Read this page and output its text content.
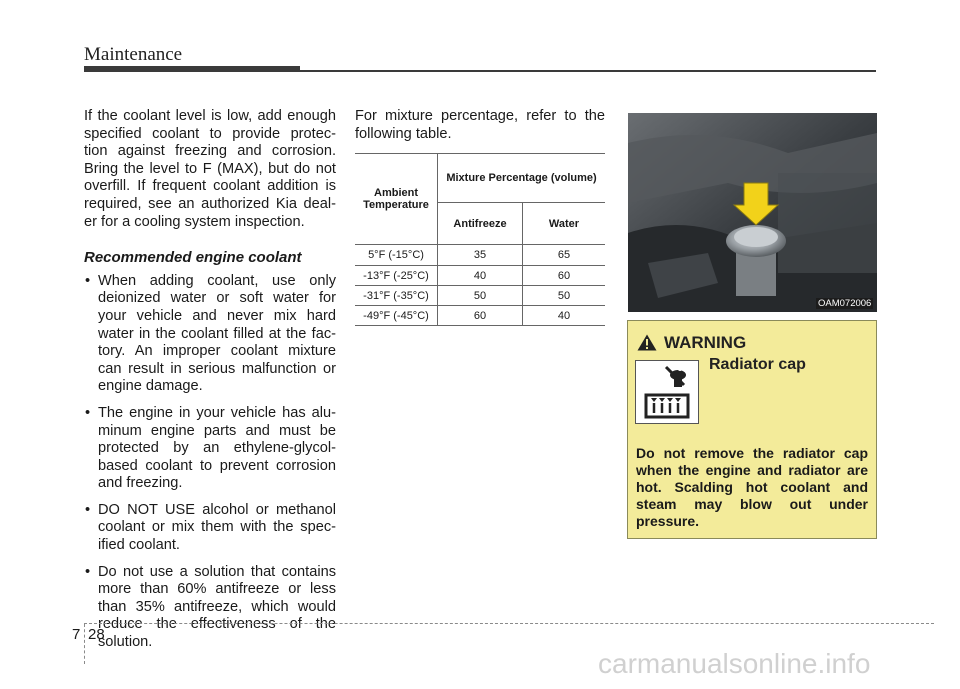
Maintenance

If the coolant level is low, add enough specified coolant to provide protec- tion against freezing and corrosion. Bring the level to F (MAX), but do not overfill. If frequent coolant addition is required, see an authorized Kia deal- er for a cooling system inspection.

Recommended engine coolant
• When adding coolant, use only deionized water or soft water for your vehicle and never mix hard water in the coolant filled at the fac- tory. An improper coolant mixture can result in serious malfunction or engine damage.
• The engine in your vehicle has alu- minum engine parts and must be protected by an ethylene-glycol- based coolant to prevent corrosion and freezing.
• DO NOT USE alcohol or methanol coolant or mix them with the spec- ified coolant.
• Do not use a solution that contains more than 60% antifreeze or less than 35% antifreeze, which would reduce the effectiveness of the solution.
For mixture percentage, refer to the following table.
Ambient Temperature	Mixture Percentage (volume)	
	Antifreeze	Water
5°F (-15°C)	35	65
-13°F (-25°C)	40	60
-31°F (-35°C)	50	50
-49°F (-45°C)	60	40
OAM072006
WARNING
Radiator cap
Do not remove the radiator cap when the engine and radiator are hot. Scalding hot coolant and steam may blow out under pressure.
7 28
carmanualsonline.info
